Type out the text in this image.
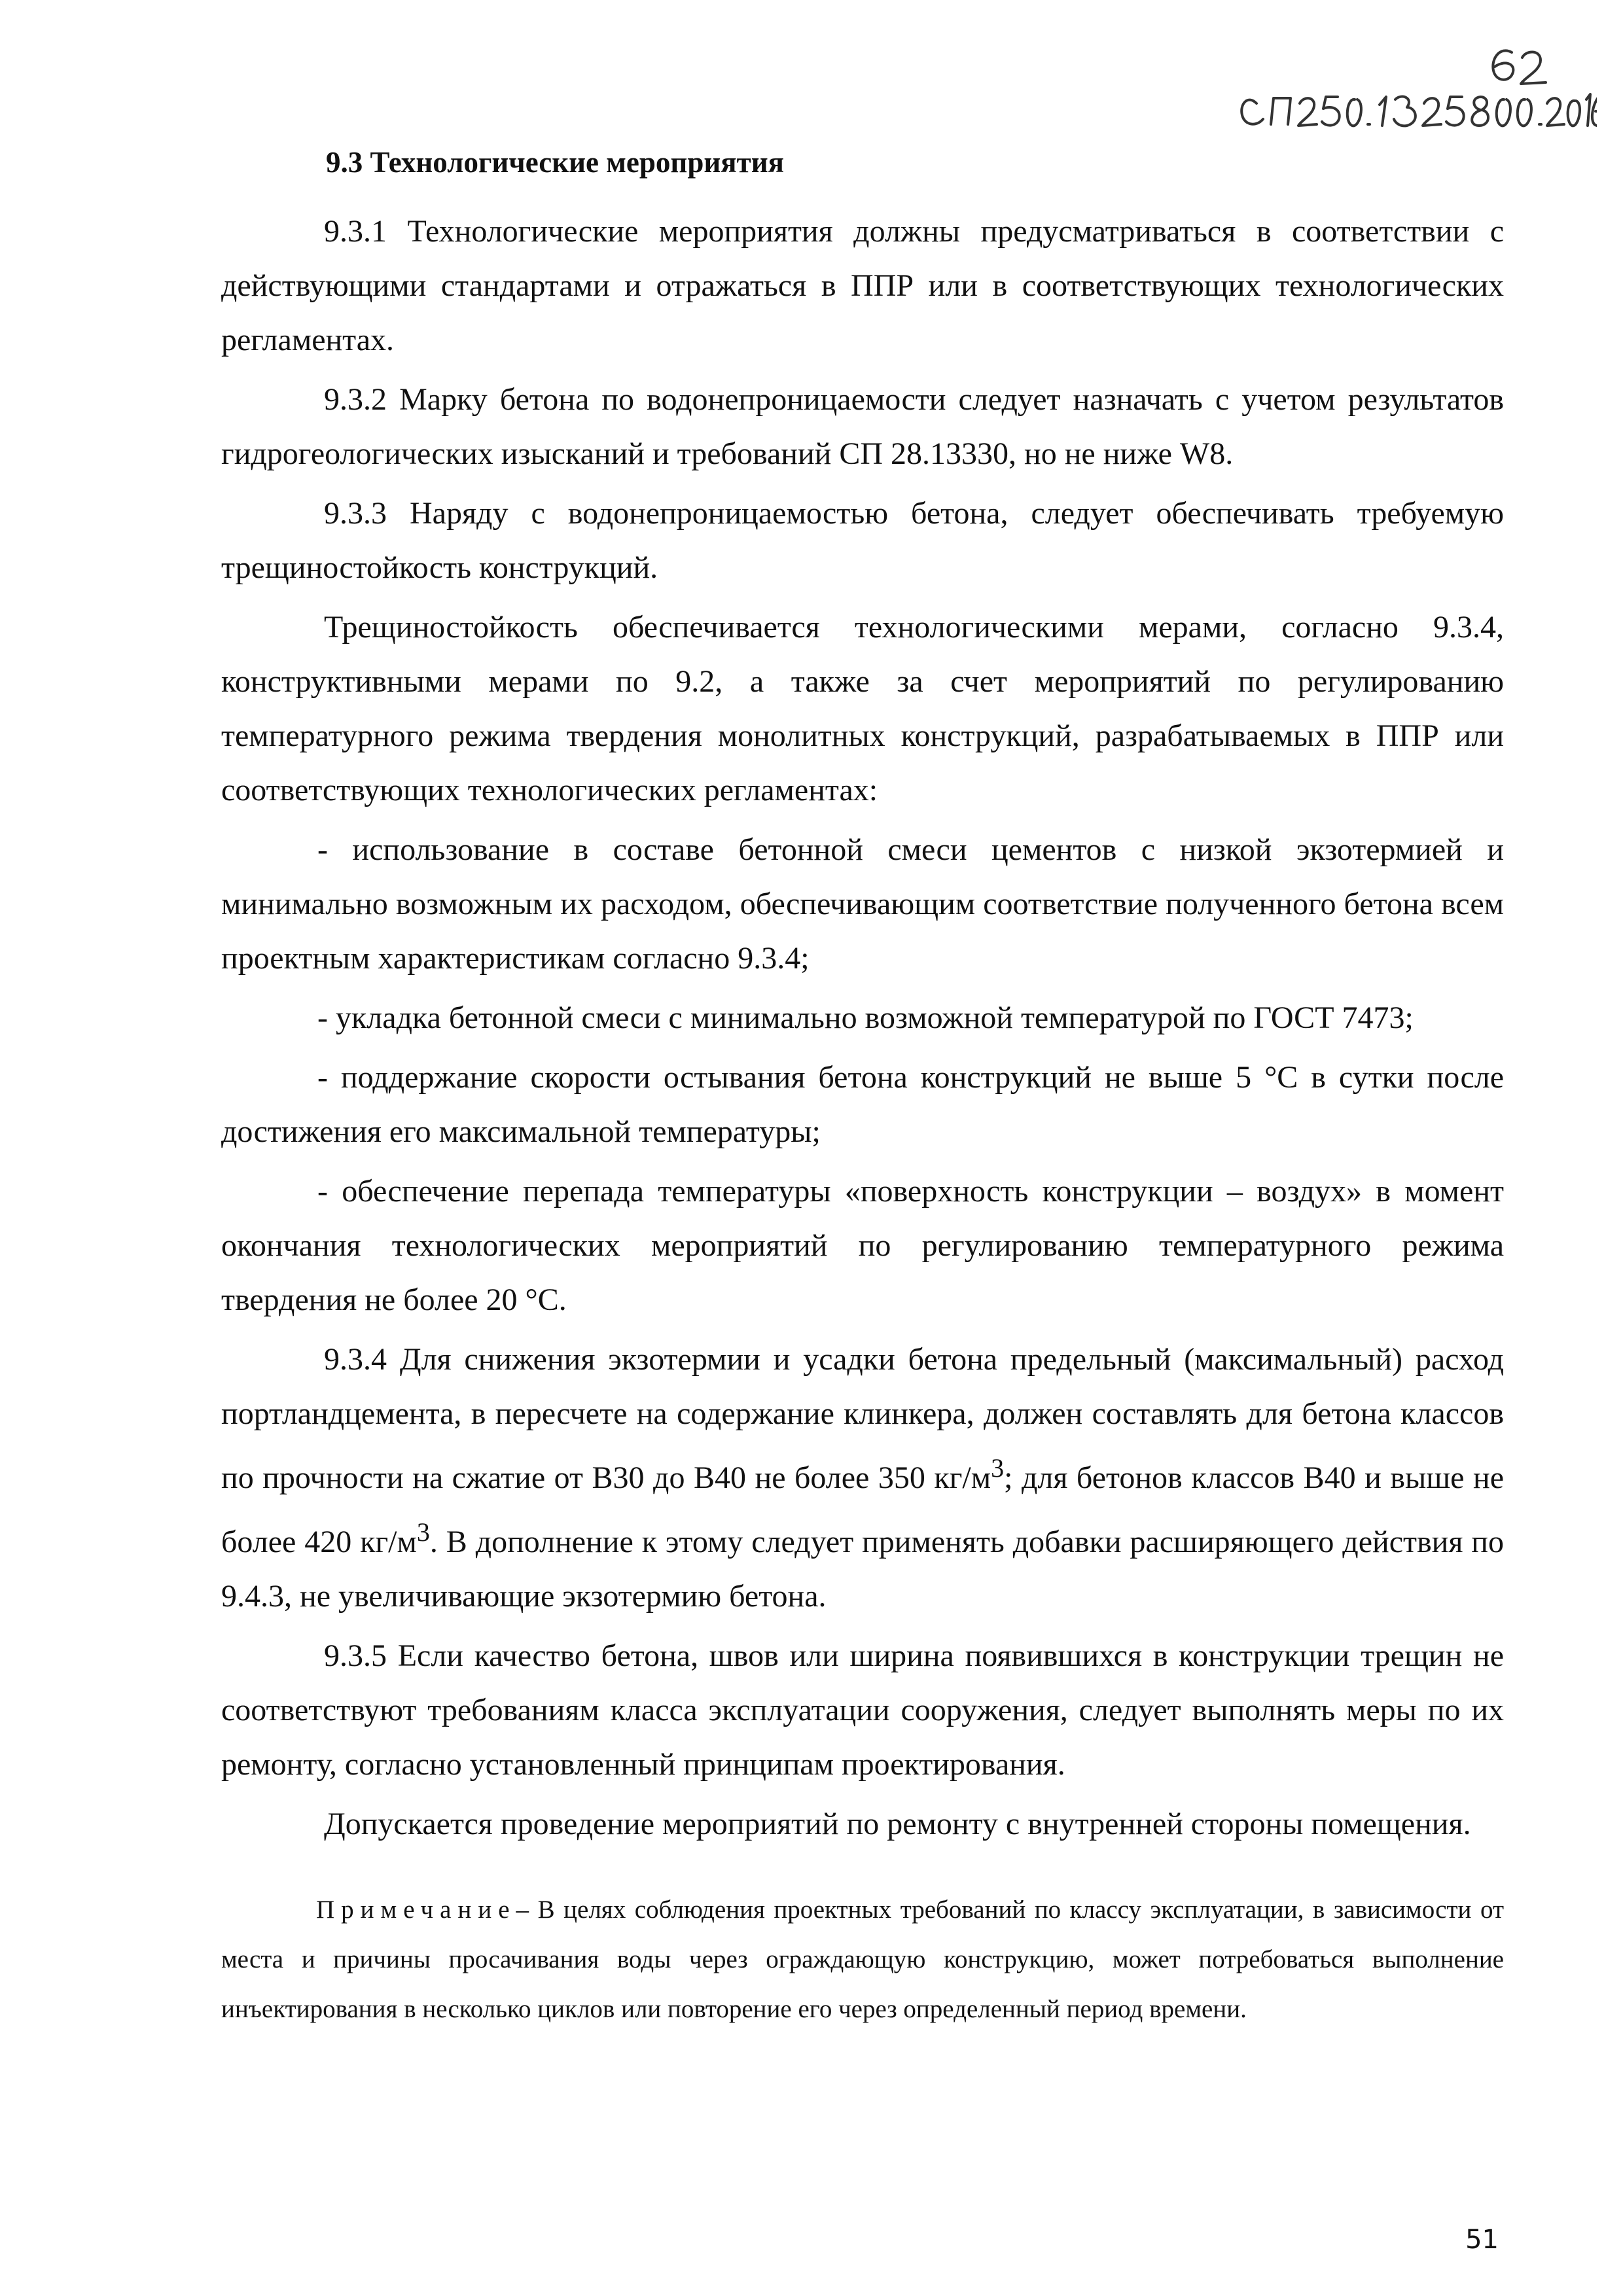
9.3 Технологические мероприятия

9.3.1 Технологические мероприятия должны предусматриваться в соответствии с действующими стандартами и отражаться в ППР или в соответствующих технологических регламентах.

9.3.2 Марку бетона по водонепроницаемости следует назначать с учетом результатов гидрогеологических изысканий и требований СП 28.13330, но не ниже W8.

9.3.3 Наряду с водонепроницаемостью бетона, следует обеспечивать требуемую трещиностойкость конструкций.

Трещиностойкость обеспечивается технологическими мерами, согласно 9.3.4, конструктивными мерами по 9.2, а также за счет мероприятий по регулированию температурного режима твердения монолитных конструкций, разрабатываемых в ППР или соответствующих технологических регламентах:

- использование в составе бетонной смеси цементов с низкой экзотермией и минимально возможным их расходом, обеспечивающим соответствие полученного бетона всем проектным характеристикам согласно 9.3.4;

- укладка бетонной смеси с минимально возможной температурой по ГОСТ 7473;

- поддержание скорости остывания бетона конструкций не выше 5 °С в сутки после достижения его максимальной температуры;

- обеспечение перепада температуры «поверхность конструкции – воздух» в момент окончания технологических мероприятий по регулированию температурного режима твердения не более 20 °С.

9.3.4 Для снижения экзотермии и усадки бетона предельный (максимальный) расход портландцемента, в пересчете на содержание клинкера, должен составлять для бетона классов по прочности на сжатие от В30 до В40 не более 350 $кг/м^3$; для бетонов классов В40 и выше не более 420 $кг/м^3$. В дополнение к этому следует применять добавки расширяющего действия по 9.4.3, не увеличивающие экзотермию бетона.

9.3.5 Если качество бетона, швов или ширина появившихся в конструкции трещин не соответствуют требованиям класса эксплуатации сооружения, следует выполнять меры по их ремонту, согласно установленный принципам проектирования.

Допускается проведение мероприятий по ремонту с внутренней стороны помещения.

Примечание– В целях соблюдения проектных требований по классу эксплуатации, в зависимости от места и причины просачивания воды через ограждающую конструкцию, может потребоваться выполнение инъектирования в несколько циклов или повторение его через определенный период времени.

51
